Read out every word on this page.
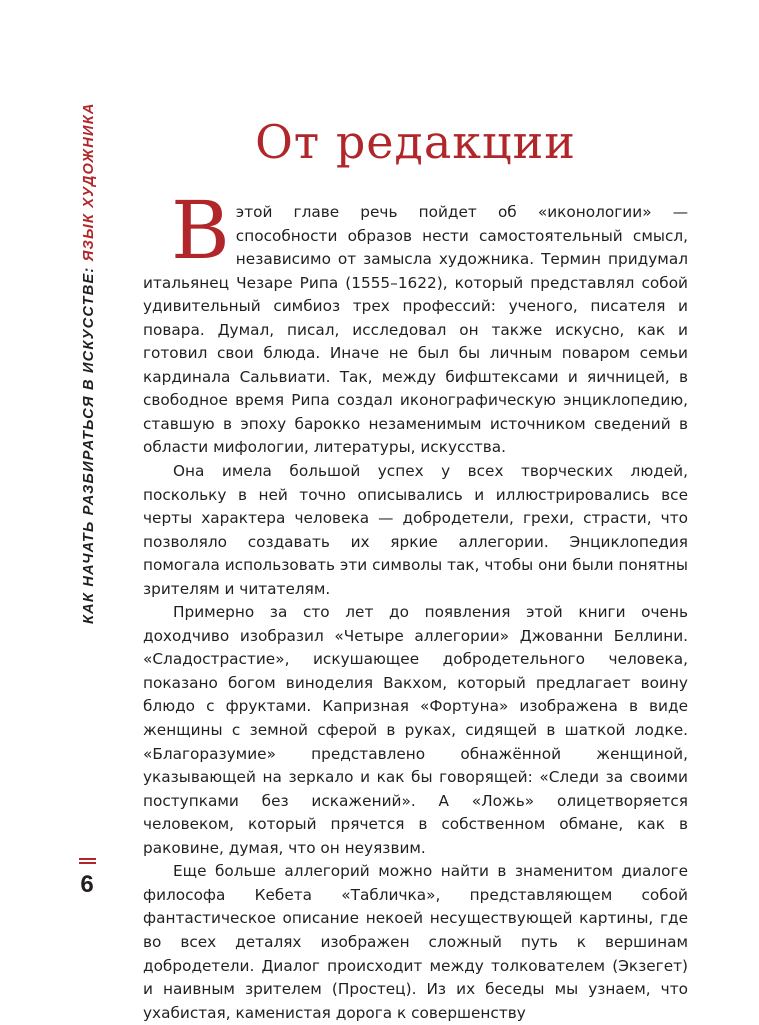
КАК НАЧАТЬ РАЗБИРАТЬСЯ В ИСКУССТВЕ: ЯЗЫК ХУДОЖНИКА
6
От редакции

Вэтой главе речь пойдет об «иконологии» — способности образов нести самостоятельный смысл, независимо от замысла художника. Термин придумал итальянец Чезаре Рипа (1555–1622), который представлял собой удивительный симбиоз трех профессий: ученого, писателя и повара. Думал, писал, исследовал он также искусно, как и готовил свои блюда. Иначе не был бы личным поваром семьи кардинала Сальвиати. Так, между бифштексами и яичницей, в свободное время Рипа создал иконографическую энциклопедию, ставшую в эпоху барокко незаменимым источником сведений в области мифологии, литературы, искусства.

Она имела большой успех у всех творческих людей, поскольку в ней точно описывались и иллюстрировались все черты характера человека — добродетели, грехи, страсти, что позволяло создавать их яркие аллегории. Энциклопедия помогала использовать эти символы так, чтобы они были понятны зрителям и читателям.

Примерно за сто лет до появления этой книги очень доходчиво изобразил «Четыре аллегории» Джованни Беллини. «Сладострастие», искушающее добродетельного человека, показано богом виноделия Вакхом, который предлагает воину блюдо с фруктами. Капризная «Фортуна» изображена в виде женщины с земной сферой в руках, сидящей в шаткой лодке. «Благоразумие» представлено обнажённой женщиной, указывающей на зеркало и как бы говорящей: «Следи за своими поступками без искажений». А «Ложь» олицетворяется человеком, который прячется в собственном обмане, как в раковине, думая, что он неуязвим.

Еще больше аллегорий можно найти в знаменитом диалоге философа Кебета «Табличка», представляющем собой фантастическое описание некоей несуществующей картины, где во всех деталях изображен сложный путь к вершинам добродетели. Диалог происходит между толкователем (Экзегет) и наивным зрителем (Простец). Из их беседы мы узнаем, что ухабистая, каменистая дорога к совершенству
